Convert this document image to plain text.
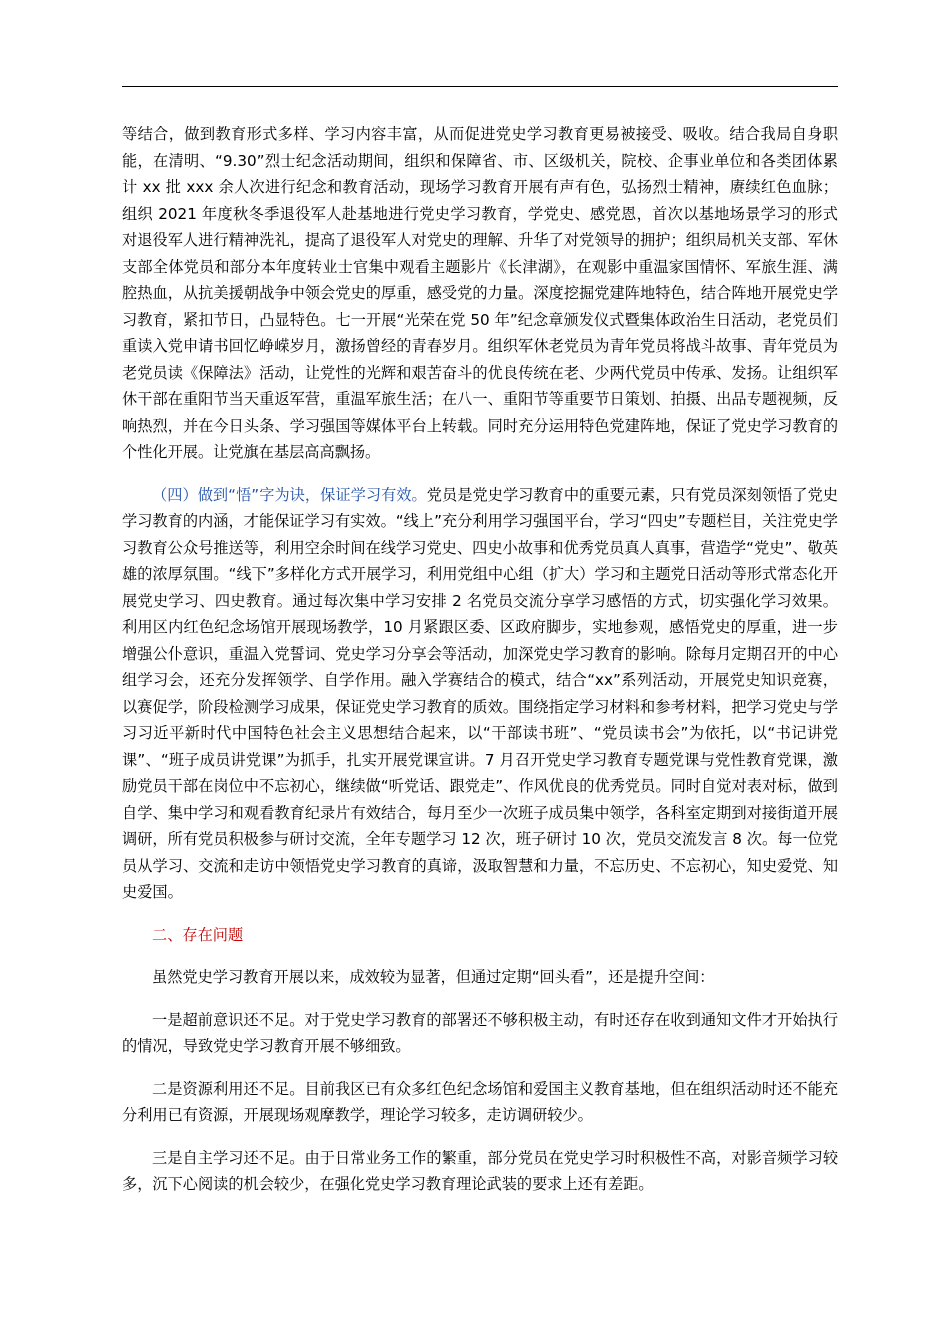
等结合，做到教育形式多样、学习内容丰富，从而促进党史学习教育更易被接受、吸收。结合我局自身职能，在清明、“9.30”烈士纪念活动期间，组织和保障省、市、区级机关，院校、企事业单位和各类团体累计 xx 批 xxx 余人次进行纪念和教育活动，现场学习教育开展有声有色，弘扬烈士精神，赓续红色血脉；组织 2021 年度秋冬季退役军人赴基地进行党史学习教育，学党史、感党恩，首次以基地场景学习的形式对退役军人进行精神洗礼，提高了退役军人对党史的理解、升华了对党领导的拥护；组织局机关支部、军休支部全体党员和部分本年度转业士官集中观看主题影片《长津湖》，在观影中重温家国情怀、军旅生涯、满腔热血，从抗美援朝战争中领会党史的厚重，感受党的力量。深度挖掘党建阵地特色，结合阵地开展党史学习教育，紧扣节日，凸显特色。七一开展“光荣在党 50 年”纪念章颁发仪式暨集体政治生日活动，老党员们重读入党申请书回忆峥嵘岁月，激扬曾经的青春岁月。组织军休老党员为青年党员将战斗故事、青年党员为老党员读《保障法》活动，让党性的光辉和艰苦奋斗的优良传统在老、少两代党员中传承、发扬。让组织军休干部在重阳节当天重返军营，重温军旅生活；在八一、重阳节等重要节日策划、拍摄、出品专题视频，反响热烈，并在今日头条、学习强国等媒体平台上转载。同时充分运用特色党建阵地，保证了党史学习教育的个性化开展。让党旗在基层高高飘扬。

（四）做到“悟”字为诀，保证学习有效。党员是党史学习教育中的重要元素，只有党员深刻领悟了党史学习教育的内涵，才能保证学习有实效。“线上”充分利用学习强国平台，学习“四史”专题栏目，关注党史学习教育公众号推送等，利用空余时间在线学习党史、四史小故事和优秀党员真人真事，营造学“党史”、敬英雄的浓厚氛围。“线下”多样化方式开展学习，利用党组中心组（扩大）学习和主题党日活动等形式常态化开展党史学习、四史教育。通过每次集中学习安排 2 名党员交流分享学习感悟的方式，切实强化学习效果。利用区内红色纪念场馆开展现场教学，10 月紧跟区委、区政府脚步，实地参观，感悟党史的厚重，进一步增强公仆意识，重温入党誓词、党史学习分享会等活动，加深党史学习教育的影响。除每月定期召开的中心组学习会，还充分发挥领学、自学作用。融入学赛结合的模式，结合“xx”系列活动，开展党史知识竞赛，以赛促学，阶段检测学习成果，保证党史学习教育的质效。围绕指定学习材料和参考材料，把学习党史与学习习近平新时代中国特色社会主义思想结合起来，以“干部读书班”、“党员读书会”为依托，以“书记讲党课”、“班子成员讲党课”为抓手，扎实开展党课宣讲。7 月召开党史学习教育专题党课与党性教育党课，激励党员干部在岗位中不忘初心，继续做“听党话、跟党走”、作风优良的优秀党员。同时自觉对表对标，做到自学、集中学习和观看教育纪录片有效结合，每月至少一次班子成员集中领学，各科室定期到对接街道开展调研，所有党员积极参与研讨交流，全年专题学习 12 次，班子研讨 10 次，党员交流发言 8 次。每一位党员从学习、交流和走访中领悟党史学习教育的真谛，汲取智慧和力量，不忘历史、不忘初心，知史爱党、知史爱国。

二、存在问题

虽然党史学习教育开展以来，成效较为显著，但通过定期“回头看”，还是提升空间：

一是超前意识还不足。对于党史学习教育的部署还不够积极主动，有时还存在收到通知文件才开始执行的情况，导致党史学习教育开展不够细致。

二是资源利用还不足。目前我区已有众多红色纪念场馆和爱国主义教育基地，但在组织活动时还不能充分利用已有资源，开展现场观摩教学，理论学习较多，走访调研较少。

三是自主学习还不足。由于日常业务工作的繁重，部分党员在党史学习时积极性不高，对影音频学习较多，沉下心阅读的机会较少，在强化党史学习教育理论武装的要求上还有差距。
